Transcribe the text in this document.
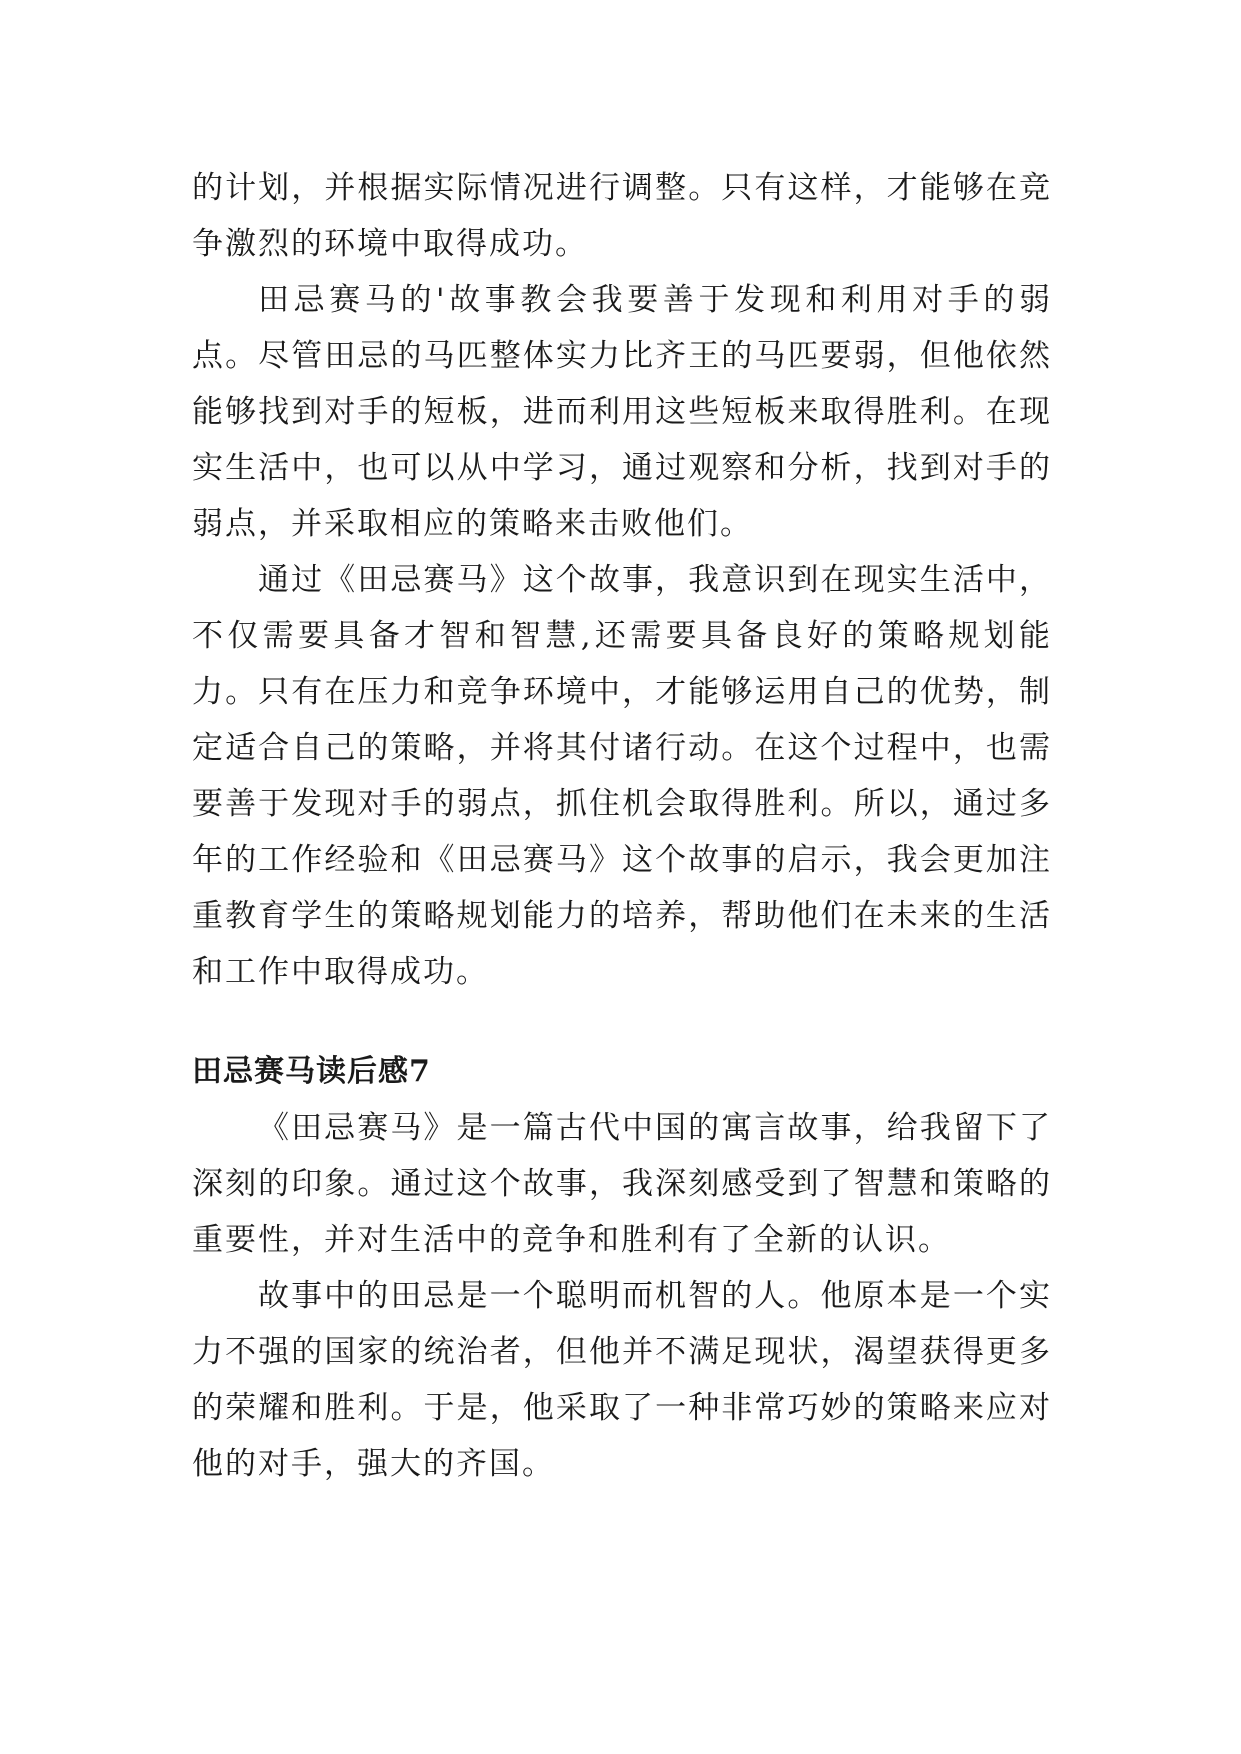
的计划，并根据实际情况进行调整。只有这样，才能够在竞争激烈的环境中取得成功。

田忌赛马的'故事教会我要善于发现和利用对手的弱点。尽管田忌的马匹整体实力比齐王的马匹要弱，但他依然能够找到对手的短板，进而利用这些短板来取得胜利。在现实生活中，也可以从中学习，通过观察和分析，找到对手的弱点，并采取相应的策略来击败他们。

通过《田忌赛马》这个故事，我意识到在现实生活中，不仅需要具备才智和智慧,还需要具备良好的策略规划能力。只有在压力和竞争环境中，才能够运用自己的优势，制定适合自己的策略，并将其付诸行动。在这个过程中，也需要善于发现对手的弱点，抓住机会取得胜利。所以，通过多年的工作经验和《田忌赛马》这个故事的启示，我会更加注重教育学生的策略规划能力的培养，帮助他们在未来的生活和工作中取得成功。

田忌赛马读后感7

《田忌赛马》是一篇古代中国的寓言故事，给我留下了深刻的印象。通过这个故事，我深刻感受到了智慧和策略的重要性，并对生活中的竞争和胜利有了全新的认识。

故事中的田忌是一个聪明而机智的人。他原本是一个实力不强的国家的统治者，但他并不满足现状，渴望获得更多的荣耀和胜利。于是，他采取了一种非常巧妙的策略来应对他的对手，强大的齐国。
